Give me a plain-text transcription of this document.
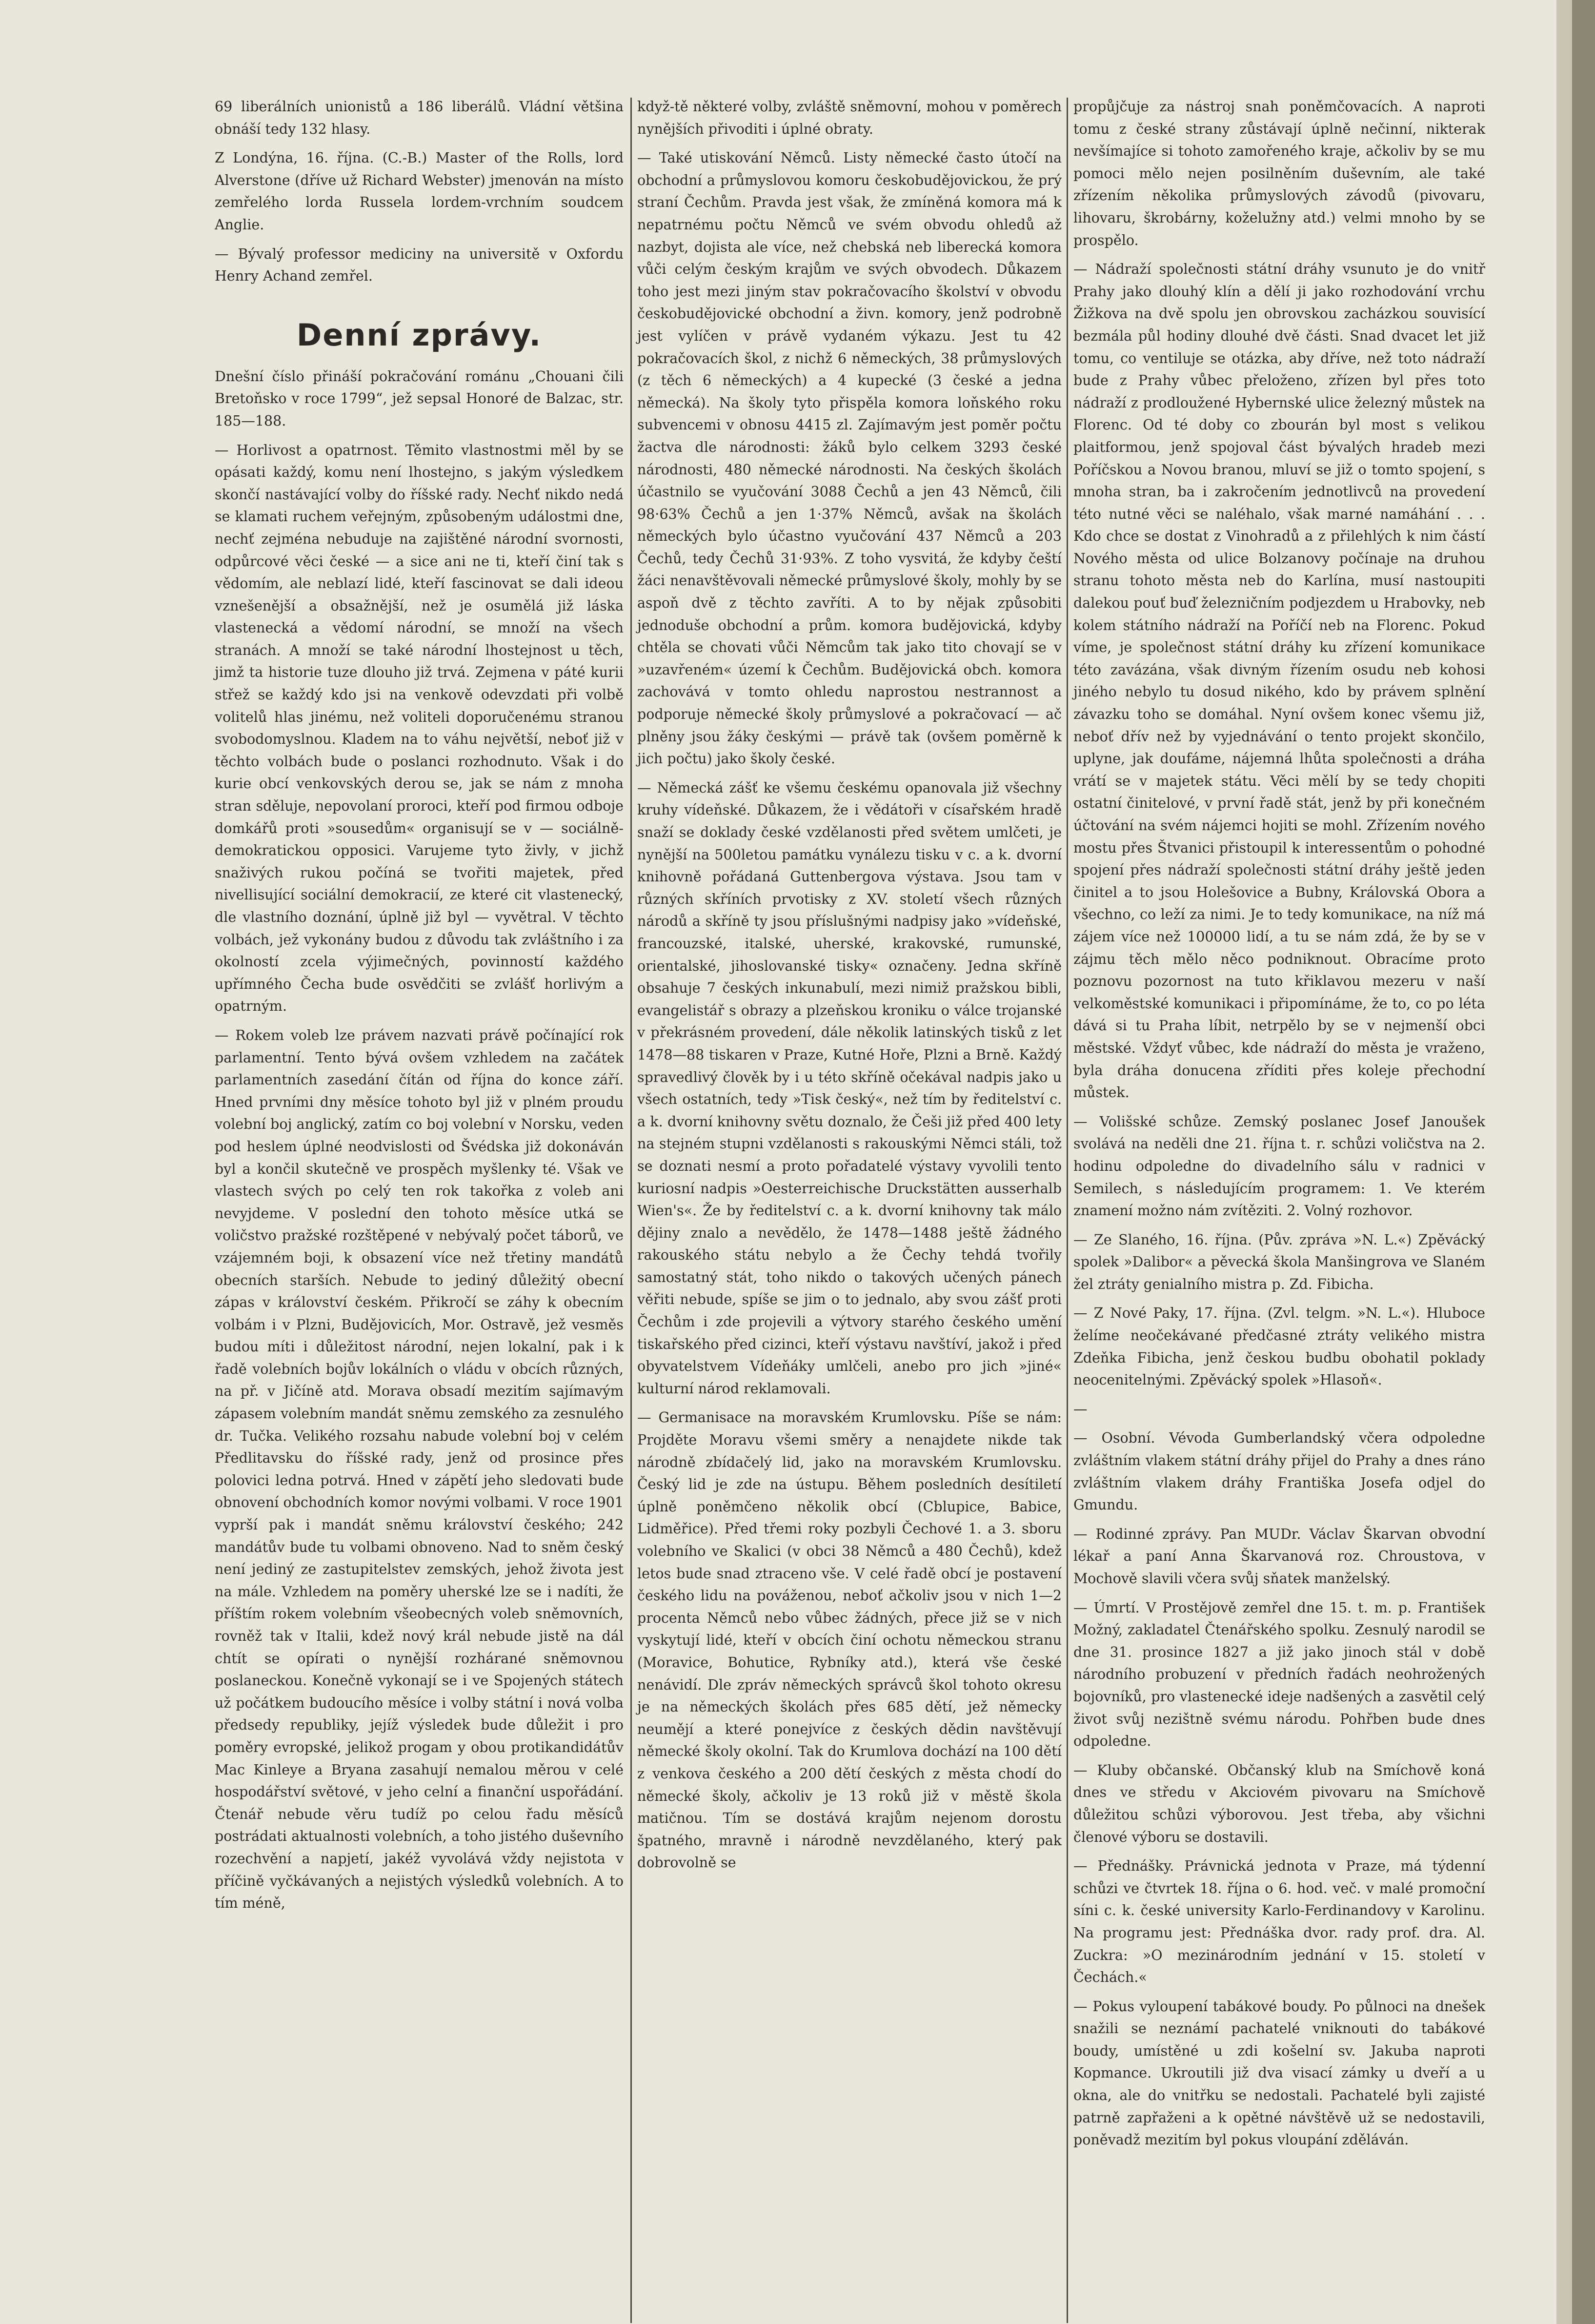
69 liberálních unionistů a 186 liberálů. Vládní většina obnáší tedy 132 hlasy.

Z Londýna, 16. října. (C.-B.) Master of the Rolls, lord Alverstone (dříve už Richard Webster) jmenován na místo zemřelého lorda Russela lordem-vrchním soudcem Anglie.

— Bývalý professor mediciny na universitě v Oxfordu Henry Achand zemřel.

Denní zprávy.

Dnešní číslo přináší pokračování románu „Chouani čili Bretoňsko v roce 1799“, jež sepsal Honoré de Balzac, str. 185—188.

— Horlivost a opatrnost. Těmito vlastnostmi měl by se opásati každý, komu není lhostejno, s jakým výsledkem skončí nastávající volby do říšské rady. Nechť nikdo nedá se klamati ruchem veřejným, způsobeným událostmi dne, nechť zejména nebuduje na zajištěné národní svornosti, odpůrcové věci české — a sice ani ne ti, kteří činí tak s vědomím, ale neblazí lidé, kteří fascinovat se dali ideou vznešenější a obsažnější, než je osumělá již láska vlastenecká a vědomí národní, se množí na všech stranách. A množí se také národní lhostejnost u těch, jimž ta historie tuze dlouho již trvá. Zejmena v páté kurii střež se každý kdo jsi na venkově odevzdati při volbě volitelů hlas jinému, než voliteli doporučenému stranou svobodomyslnou. Kladem na to váhu největší, neboť již v těchto volbách bude o poslanci rozhodnuto. Však i do kurie obcí venkovských derou se, jak se nám z mnoha stran sděluje, nepovolaní proroci, kteří pod firmou odboje domkářů proti »sousedům« organisují se v — sociálně-demokratickou opposici. Varujeme tyto živly, v jichž snaživých rukou počíná se tvořiti majetek, před nivellisující sociální demokracií, ze které cit vlastenecký, dle vlastního doznání, úplně již byl — vyvětral. V těchto volbách, jež vykonány budou z důvodu tak zvláštního i za okolností zcela výjimečných, povinností každého upřímného Čecha bude osvědčiti se zvlášť horlivým a opatrným.

— Rokem voleb lze právem nazvati právě počínající rok parlamentní. Tento bývá ovšem vzhledem na začátek parlamentních zasedání čítán od října do konce září. Hned prvními dny měsíce tohoto byl již v plném proudu volební boj anglický, zatím co boj volební v Norsku, veden pod heslem úplné neodvislosti od Švédska již dokonáván byl a končil skutečně ve prospěch myšlenky té. Však ve vlastech svých po celý ten rok takořka z voleb ani nevyjdeme. V poslední den tohoto měsíce utká se voličstvo pražské rozštěpené v nebývalý počet táborů, ve vzájemném boji, k obsazení více než třetiny mandátů obecních starších. Nebude to jediný důležitý obecní zápas v království českém. Přikročí se záhy k obecním volbám i v Plzni, Budějovicích, Mor. Ostravě, jež vesměs budou míti i důležitost národní, nejen lokalní, pak i k řadě volebních bojův lokálních o vládu v obcích různých, na př. v Jičíně atd. Morava obsadí mezitím sajímavým zápasem volebním mandát sněmu zemského za zesnulého dr. Tučka. Velikého rozsahu nabude volební boj v celém Předlitavsku do říšské rady, jenž od prosince přes polovici ledna potrvá. Hned v zápětí jeho sledovati bude obnovení obchodních komor novými volbami. V roce 1901 vyprší pak i mandát sněmu království českého; 242 mandátův bude tu volbami obnoveno. Nad to sněm český není jediný ze zastupitelstev zemských, jehož života jest na mále. Vzhledem na poměry uherské lze se i nadíti, že příštím rokem volebním všeobecných voleb sněmovních, rovněž tak v Italii, kdež nový král nebude jistě na dál chtít se opírati o nynější rozhárané sněmovnou poslaneckou. Konečně vykonají se i ve Spojených státech už počátkem budoucího měsíce i volby státní i nová volba předsedy republiky, jejíž výsledek bude důležit i pro poměry evropské, jelikož progam y obou protikandidátův Mac Kinleye a Bryana zasahují nemalou měrou v celé hospodářství světové, v jeho celní a finanční uspořádání. Čtenář nebude věru tudíž po celou řadu měsíců postrádati aktualnosti volebních, a toho jistého duševního rozechvění a napjetí, jakéž vyvolává vždy nejistota v příčině vyčkávaných a nejistých výsledků volebních. A to tím méně,

když-tě některé volby, zvláště sněmovní, mohou v poměrech nynějších přivoditi i úplné obraty.

— Také utiskování Němců. Listy německé často útočí na obchodní a průmyslovou komoru českobudějovickou, že prý straní Čechům. Pravda jest však, že zmíněná komora má k nepatrnému počtu Němců ve svém obvodu ohledů až nazbyt, dojista ale více, než chebská neb liberecká komora vůči celým českým krajům ve svých obvodech. Důkazem toho jest mezi jiným stav pokračovacího školství v obvodu českobudějovické obchodní a živn. komory, jenž podrobně jest vylíčen v právě vydaném výkazu. Jest tu 42 pokračovacích škol, z nichž 6 německých, 38 průmyslových (z těch 6 německých) a 4 kupecké (3 české a jedna německá). Na školy tyto přispěla komora loňského roku subvencemi v obnosu 4415 zl. Zajímavým jest poměr počtu žactva dle národnosti: žáků bylo celkem 3293 české národnosti, 480 německé národnosti. Na českých školách účastnilo se vyučování 3088 Čechů a jen 43 Němců, čili 98·63% Čechů a jen 1·37% Němců, avšak na školách německých bylo účastno vyučování 437 Němců a 203 Čechů, tedy Čechů 31·93%. Z toho vysvitá, že kdyby čeští žáci nenavštěvovali německé průmyslové školy, mohly by se aspoň dvě z těchto zavříti. A to by nějak způsobiti jednoduše obchodní a prům. komora budějovická, kdyby chtěla se chovati vůči Němcům tak jako tito chovají se v »uzavřeném« území k Čechům. Budějovická obch. komora zachovává v tomto ohledu naprostou nestrannost a podporuje německé školy průmyslové a pokračovací — ač plněny jsou žáky českými — právě tak (ovšem poměrně k jich počtu) jako školy české.

— Německá zášť ke všemu českému opanovala již všechny kruhy vídeňské. Důkazem, že i vědátoři v císařském hradě snaží se doklady české vzdělanosti před světem umlčeti, je nynější na 500letou památku vynálezu tisku v c. a k. dvorní knihovně pořádaná Guttenbergova výstava. Jsou tam v různých skříních prvotisky z XV. století všech různých národů a skříně ty jsou příslušnými nadpisy jako »vídeňské, francouzské, italské, uherské, krakovské, rumunské, orientalské, jihoslovanské tisky« označeny. Jedna skříně obsahuje 7 českých inkunabulí, mezi nimiž pražskou bibli, evangelistář s obrazy a plzeňskou kroniku o válce trojanské v překrásném provedení, dále několik latinských tisků z let 1478—88 tiskaren v Praze, Kutné Hoře, Plzni a Brně. Každý spravedlivý člověk by i u této skříně očekával nadpis jako u všech ostatních, tedy »Tisk český«, než tím by ředitelství c. a k. dvorní knihovny světu doznalo, že Češi již před 400 lety na stejném stupni vzdělanosti s rakouskými Němci stáli, tož se doznati nesmí a proto pořadatelé výstavy vyvolili tento kuriosní nadpis »Oesterreichische Druckstätten ausserhalb Wien's«. Že by ředitelství c. a k. dvorní knihovny tak málo dějiny znalo a nevědělo, že 1478—1488 ještě žádného rakouského státu nebylo a že Čechy tehdá tvořily samostatný stát, toho nikdo o takových učených pánech věřiti nebude, spíše se jim o to jednalo, aby svou zášť proti Čechům i zde projevili a výtvory starého českého umění tiskařského před cizinci, kteří výstavu navštíví, jakož i před obyvatelstvem Vídeňáky umlčeli, anebo pro jich »jiné« kulturní národ reklamovali.

— Germanisace na moravském Krumlovsku. Píše se nám: Projděte Moravu všemi směry a nenajdete nikde tak národně zbídačelý lid, jako na moravském Krumlovsku. Český lid je zde na ústupu. Během posledních desítiletí úplně poněmčeno několik obcí (Cblupice, Babice, Lidměřice). Před třemi roky pozbyli Čechové 1. a 3. sboru volebního ve Skalici (v obci 38 Němců a 480 Čechů), kdež letos bude snad ztraceno vše. V celé řadě obcí je postavení českého lidu na pováženou, neboť ačkoliv jsou v nich 1—2 procenta Němců nebo vůbec žádných, přece již se v nich vyskytují lidé, kteří v obcích činí ochotu německou stranu (Moravice, Bohutice, Rybníky atd.), která vše české nenávidí. Dle zpráv německých správců škol tohoto okresu je na německých školách přes 685 dětí, jež německy neumějí a které ponejvíce z českých dědin navštěvují německé školy okolní. Tak do Krumlova dochází na 100 dětí z venkova českého a 200 dětí českých z města chodí do německé školy, ačkoliv je 13 roků již v městě škola matičnou. Tím se dostává krajům nejenom dorostu špatného, mravně i národně nevzdělaného, který pak dobrovolně se

propůjčuje za nástroj snah poněmčovacích. A naproti tomu z české strany zůstávají úplně nečinní, nikterak nevšímajíce si tohoto zamořeného kraje, ačkoliv by se mu pomoci mělo nejen posilněním duševním, ale také zřízením několika průmyslových závodů (pivovaru, lihovaru, škrobárny, koželužny atd.) velmi mnoho by se prospělo.

— Nádraží společnosti státní dráhy vsunuto je do vnitř Prahy jako dlouhý klín a dělí ji jako rozhodování vrchu Žižkova na dvě spolu jen obrovskou zacházkou souvisící bezmála půl hodiny dlouhé dvě části. Snad dvacet let již tomu, co ventiluje se otázka, aby dříve, než toto nádraží bude z Prahy vůbec přeloženo, zřízen byl přes toto nádraží z prodloužené Hybernské ulice železný můstek na Florenc. Od té doby co zbourán byl most s velikou plaitformou, jenž spojoval část bývalých hradeb mezi Poříčskou a Novou branou, mluví se již o tomto spojení, s mnoha stran, ba i zakročením jednotlivců na provedení této nutné věci se naléhalo, však marné namáhání . . . Kdo chce se dostat z Vinohradů a z přilehlých k nim částí Nového města od ulice Bolzanovy počínaje na druhou stranu tohoto města neb do Karlína, musí nastoupiti dalekou pouť buď železničním podjezdem u Hrabovky, neb kolem státního nádraží na Poříčí neb na Florenc. Pokud víme, je společnost státní dráhy ku zřízení komunikace této zavázána, však divným řízením osudu neb kohosi jiného nebylo tu dosud nikého, kdo by právem splnění závazku toho se domáhal. Nyní ovšem konec všemu již, neboť dřív než by vyjednávání o tento projekt skončilo, uplyne, jak doufáme, nájemná lhůta společnosti a dráha vrátí se v majetek státu. Věci mělí by se tedy chopiti ostatní činitelové, v první řadě stát, jenž by při konečném účtování na svém nájemci hojiti se mohl. Zřízením nového mostu přes Štvanici přistoupil k interessentům o pohodné spojení přes nádraží společnosti státní dráhy ještě jeden činitel a to jsou Holešovice a Bubny, Královská Obora a všechno, co leží za nimi. Je to tedy komunikace, na níž má zájem více než 100000 lidí, a tu se nám zdá, že by se v zájmu těch mělo něco podniknout. Obracíme proto poznovu pozornost na tuto křiklavou mezeru v naší velkoměstské komunikaci i připomínáme, že to, co po léta dává si tu Praha líbit, netrpělo by se v nejmenší obci městské. Vždyť vůbec, kde nádraží do města je vraženo, byla dráha donucena zříditi přes koleje přechodní můstek.

— Volišské schůze. Zemský poslanec Josef Janoušek svolává na neděli dne 21. října t. r. schůzi voličstva na 2. hodinu odpoledne do divadelního sálu v radnici v Semilech, s následujícím programem: 1. Ve kterém znamení možno nám zvítěziti. 2. Volný rozhovor.

— Ze Slaného, 16. října. (Pův. zpráva »N. L.«) Zpěvácký spolek »Dalibor« a pěvecká škola Manšingrova ve Slaném žel ztráty genialního mistra p. Zd. Fibicha.

— Z Nové Paky, 17. října. (Zvl. telgm. »N. L.«). Hluboce želíme neočekávané předčasné ztráty velikého mistra Zdeňka Fibicha, jenž českou budbu obohatil poklady neocenitelnými. Zpěvácký spolek »Hlasoň«.

—

— Osobní. Vévoda Gumberlandský včera odpoledne zvláštním vlakem státní dráhy přijel do Prahy a dnes ráno zvláštním vlakem dráhy Františka Josefa odjel do Gmundu.

— Rodinné zprávy. Pan MUDr. Václav Škarvan obvodní lékař a paní Anna Škarvanová roz. Chroustova, v Mochově slavili včera svůj sňatek manželský.

— Úmrtí. V Prostějově zemřel dne 15. t. m. p. František Možný, zakladatel Čtenářského spolku. Zesnulý narodil se dne 31. prosince 1827 a již jako jinoch stál v době národního probuzení v předních řadách neohrožených bojovníků, pro vlastenecké ideje nadšených a zasvětil celý život svůj nezištně svému národu. Pohřben bude dnes odpoledne.

— Kluby občanské. Občanský klub na Smíchově koná dnes ve středu v Akciovém pivovaru na Smíchově důležitou schůzi výborovou. Jest třeba, aby všichni členové výboru se dostavili.

— Přednášky. Právnická jednota v Praze, má týdenní schůzi ve čtvrtek 18. října o 6. hod. več. v malé promoční síni c. k. české university Karlo-Ferdinandovy v Karolinu. Na programu jest: Přednáška dvor. rady prof. dra. Al. Zuckra: »O mezinárodním jednání v 15. století v Čechách.«

— Pokus vyloupení tabákové boudy. Po půlnoci na dnešek snažili se neznámí pachatelé vniknouti do tabákové boudy, umístěné u zdi košelní sv. Jakuba naproti Kopmance. Ukroutili již dva visací zámky u dveří a u okna, ale do vnitřku se nedostali. Pachatelé byli zajisté patrně zapřaženi a k opětné návštěvě už se nedostavili, poněvadž mezitím byl pokus vloupání zděláván.
